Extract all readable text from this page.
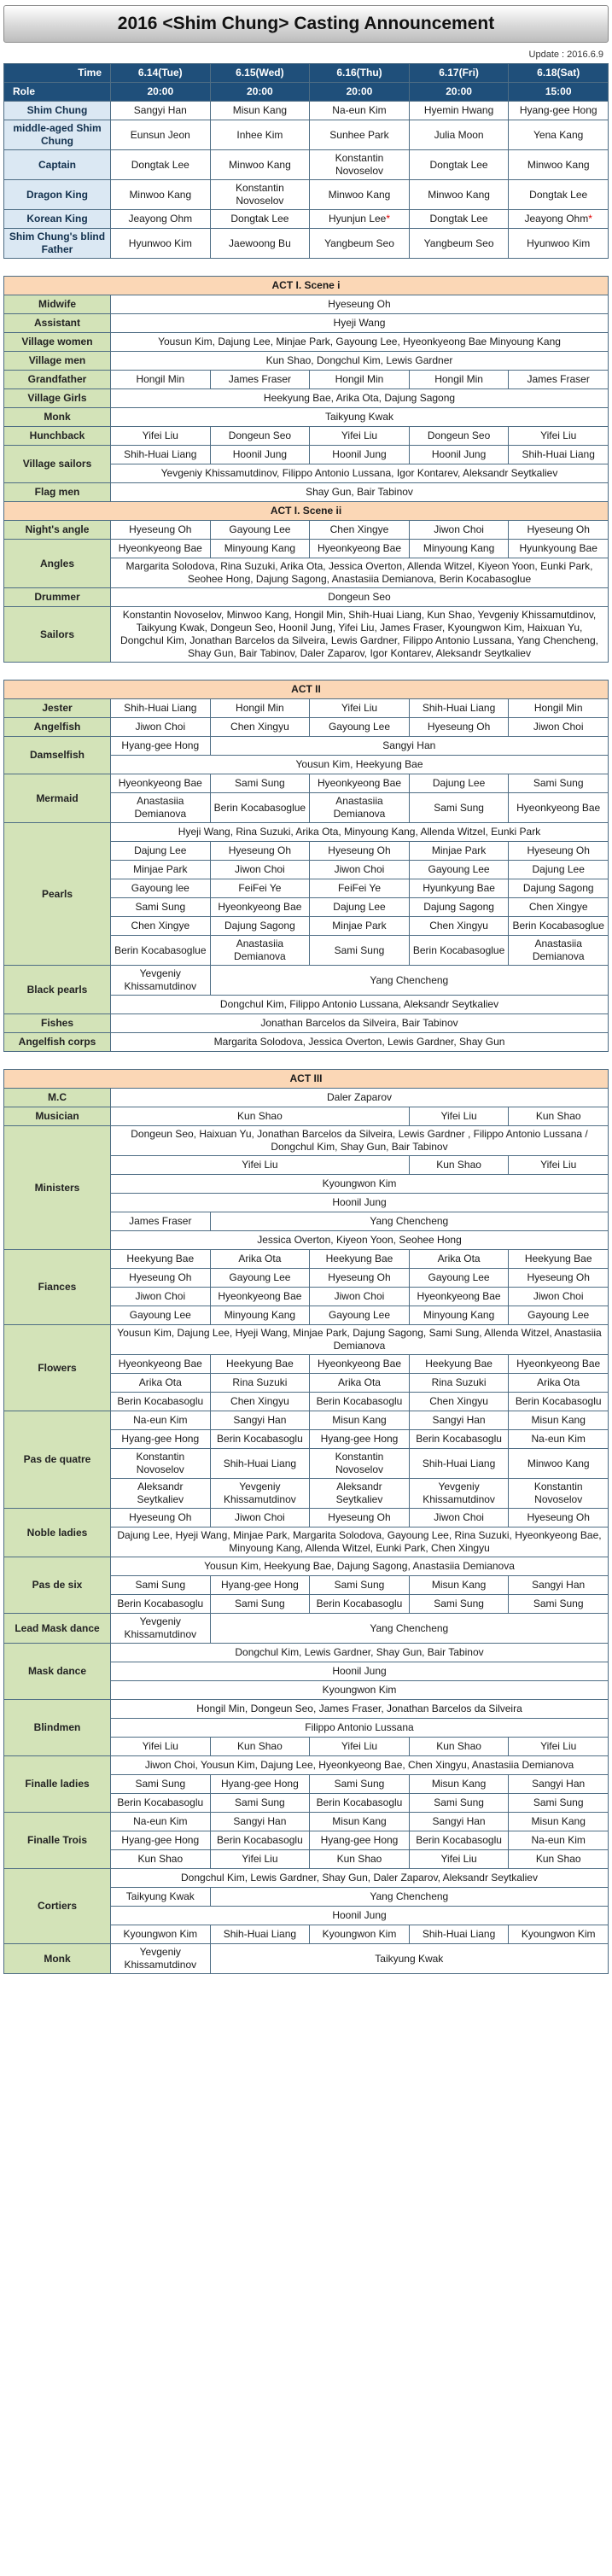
2016 <Shim Chung> Casting Announcement
Update : 2016.6.9
Time	6.14(Tue)	6.15(Wed)	6.16(Thu)	6.17(Fri)	6.18(Sat)
Role	20:00	20:00	20:00	20:00	15:00
Shim Chung	Sangyi Han	Misun Kang	Na-eun Kim	Hyemin Hwang	Hyang-gee Hong
middle-aged Shim Chung	Eunsun Jeon	Inhee Kim	Sunhee Park	Julia Moon	Yena Kang
Captain	Dongtak Lee	Minwoo Kang	Konstantin Novoselov	Dongtak Lee	Minwoo Kang
Dragon King	Minwoo Kang	Konstantin Novoselov	Minwoo Kang	Minwoo Kang	Dongtak Lee
Korean King	Jeayong Ohm	Dongtak Lee	Hyunjun Lee*	Dongtak Lee	Jeayong Ohm*
Shim Chung's blind Father	Hyunwoo Kim	Jaewoong Bu	Yangbeum Seo	Yangbeum Seo	Hyunwoo Kim
ACT I. Scene i					
Midwife	Hyeseung Oh				
Assistant	Hyeji Wang				
Village women	Yousun Kim, Dajung Lee, Minjae Park, Gayoung Lee, Hyeonkyeong Bae Minyoung Kang				
Village men	Kun Shao, Dongchul Kim, Lewis Gardner				
Grandfather	Hongil Min	James Fraser	Hongil Min	Hongil Min	James Fraser
Village Girls	Heekyung Bae, Arika Ota, Dajung Sagong				
Monk	Taikyung Kwak				
Hunchback	Yifei Liu	Dongeun Seo	Yifei Liu	Dongeun Seo	Yifei Liu
Village sailors	Shih-Huai Liang	Hoonil Jung	Hoonil Jung	Hoonil Jung	Shih-Huai Liang
	Yevgeniy Khissamutdinov, Filippo Antonio Lussana, Igor Kontarev, Aleksandr Seytkaliev				
Flag men	Shay Gun, Bair Tabinov				
ACT I. Scene ii					
Night's angle	Hyeseung Oh	Gayoung Lee	Chen Xingye	Jiwon Choi	Hyeseung Oh
Angles	Hyeonkyeong Bae	Minyoung Kang	Hyeonkyeong Bae	Minyoung Kang	Hyunkyoung Bae
	Margarita Solodova, Rina Suzuki, Arika Ota, Jessica Overton, Allenda Witzel, Kiyeon Yoon, Eunki Park, Seohee Hong, Dajung Sagong, Anastasiia Demianova, Berin Kocabasoglue				
Drummer	Dongeun Seo				
Sailors	Konstantin Novoselov, Minwoo Kang, Hongil Min, Shih-Huai Liang, Kun Shao, Yevgeniy Khissamutdinov, Taikyung Kwak, Dongeun Seo, Hoonil Jung, Yifei Liu, James Fraser, Kyoungwon Kim, Haixuan Yu, Dongchul Kim, Jonathan Barcelos da Silveira, Lewis Gardner, Filippo Antonio Lussana, Yang Chencheng, Shay Gun, Bair Tabinov, Daler Zaparov, Igor Kontarev, Aleksandr Seytkaliev				
ACT II					
Jester	Shih-Huai Liang	Hongil Min	Yifei Liu	Shih-Huai Liang	Hongil Min
Angelfish	Jiwon Choi	Chen Xingyu	Gayoung Lee	Hyeseung Oh	Jiwon Choi
Damselfish	Hyang-gee Hong	Sangyi Han			
	Yousun Kim, Heekyung Bae				
Mermaid	Hyeonkyeong Bae	Sami Sung	Hyeonkyeong Bae	Dajung Lee	Sami Sung
	Anastasiia Demianova	Berin Kocabasoglue	Anastasiia Demianova	Sami Sung	Hyeonkyeong Bae
Pearls	Hyeji Wang, Rina Suzuki, Arika Ota, Minyoung Kang, Allenda Witzel, Eunki Park				
	Dajung Lee	Hyeseung Oh	Hyeseung Oh	Minjae Park	Hyeseung Oh
	Minjae Park	Jiwon Choi	Jiwon Choi	Gayoung Lee	Dajung Lee
	Gayoung lee	FeiFei Ye	FeiFei Ye	Hyunkyung Bae	Dajung Sagong
	Sami Sung	Hyeonkyeong Bae	Dajung Lee	Dajung Sagong	Chen Xingye
	Chen Xingye	Dajung Sagong	Minjae Park	Chen Xingyu	Berin Kocabasoglue
	Berin Kocabasoglue	Anastasiia Demianova	Sami Sung	Berin Kocabasoglue	Anastasiia Demianova
Black pearls	Yevgeniy Khissamutdinov	Yang Chencheng			
	Dongchul Kim, Filippo Antonio Lussana, Aleksandr Seytkaliev				
Fishes	Jonathan Barcelos da Silveira, Bair Tabinov				
Angelfish corps	Margarita Solodova, Jessica Overton, Lewis Gardner, Shay Gun				
ACT III					
M.C	Daler Zaparov				
Musician	Kun Shao			Yifei Liu	Kun Shao
Ministers	Dongeun Seo, Haixuan Yu, Jonathan Barcelos da Silveira, Lewis Gardner , Filippo Antonio Lussana / Dongchul Kim, Shay Gun, Bair Tabinov				
	Yifei Liu			Kun Shao	Yifei Liu
	Kyoungwon Kim				
	Hoonil Jung				
	James Fraser	Yang Chencheng			
	Jessica Overton, Kiyeon Yoon, Seohee Hong				
Fiances	Heekyung Bae	Arika Ota	Heekyung Bae	Arika Ota	Heekyung Bae
	Hyeseung Oh	Gayoung Lee	Hyeseung Oh	Gayoung Lee	Hyeseung Oh
	Jiwon Choi	Hyeonkyeong Bae	Jiwon Choi	Hyeonkyeong Bae	Jiwon Choi
	Gayoung Lee	Minyoung Kang	Gayoung Lee	Minyoung Kang	Gayoung Lee
Flowers	Yousun Kim, Dajung Lee, Hyeji Wang, Minjae Park, Dajung Sagong, Sami Sung, Allenda Witzel, Anastasiia Demianova				
	Hyeonkyeong Bae	Heekyung Bae	Hyeonkyeong Bae	Heekyung Bae	Hyeonkyeong Bae
	Arika Ota	Rina Suzuki	Arika Ota	Rina Suzuki	Arika Ota
	Berin Kocabasoglu	Chen Xingyu	Berin Kocabasoglu	Chen Xingyu	Berin Kocabasoglu
Pas de quatre	Na-eun Kim	Sangyi Han	Misun Kang	Sangyi Han	Misun Kang
	Hyang-gee Hong	Berin Kocabasoglu	Hyang-gee Hong	Berin Kocabasoglu	Na-eun Kim
	Konstantin Novoselov	Shih-Huai Liang	Konstantin Novoselov	Shih-Huai Liang	Minwoo Kang
	Aleksandr Seytkaliev	Yevgeniy Khissamutdinov	Aleksandr Seytkaliev	Yevgeniy Khissamutdinov	Konstantin Novoselov
Noble ladies	Hyeseung Oh	Jiwon Choi	Hyeseung Oh	Jiwon Choi	Hyeseung Oh
	Dajung Lee, Hyeji Wang, Minjae Park, Margarita Solodova, Gayoung Lee, Rina Suzuki, Hyeonkyeong Bae, Minyoung Kang, Allenda Witzel, Eunki Park, Chen Xingyu				
Pas de six	Yousun Kim, Heekyung Bae, Dajung Sagong, Anastasiia Demianova				
	Sami Sung	Hyang-gee Hong	Sami Sung	Misun Kang	Sangyi Han
	Berin Kocabasoglu	Sami Sung	Berin Kocabasoglu	Sami Sung	Sami Sung
Lead Mask dance	Yevgeniy Khissamutdinov	Yang Chencheng			
Mask dance	Dongchul Kim, Lewis Gardner, Shay Gun, Bair Tabinov				
	Hoonil Jung				
	Kyoungwon Kim				
Blindmen	Hongil Min, Dongeun Seo, James Fraser, Jonathan Barcelos da Silveira				
	Filippo Antonio Lussana				
	Yifei Liu	Kun Shao	Yifei Liu	Kun Shao	Yifei Liu
Finalle ladies	Jiwon Choi, Yousun Kim, Dajung Lee, Hyeonkyeong Bae, Chen Xingyu, Anastasiia Demianova				
	Sami Sung	Hyang-gee Hong	Sami Sung	Misun Kang	Sangyi Han
	Berin Kocabasoglu	Sami Sung	Berin Kocabasoglu	Sami Sung	Sami Sung
Finalle Trois	Na-eun Kim	Sangyi Han	Misun Kang	Sangyi Han	Misun Kang
	Hyang-gee Hong	Berin Kocabasoglu	Hyang-gee Hong	Berin Kocabasoglu	Na-eun Kim
	Kun Shao	Yifei Liu	Kun Shao	Yifei Liu	Kun Shao
Cortiers	Dongchul Kim, Lewis Gardner, Shay Gun, Daler Zaparov, Aleksandr Seytkaliev				
	Taikyung Kwak	Yang Chencheng			
	Hoonil Jung				
	Kyoungwon Kim	Shih-Huai Liang	Kyoungwon Kim	Shih-Huai Liang	Kyoungwon Kim
Monk	Yevgeniy Khissamutdinov	Taikyung Kwak			
